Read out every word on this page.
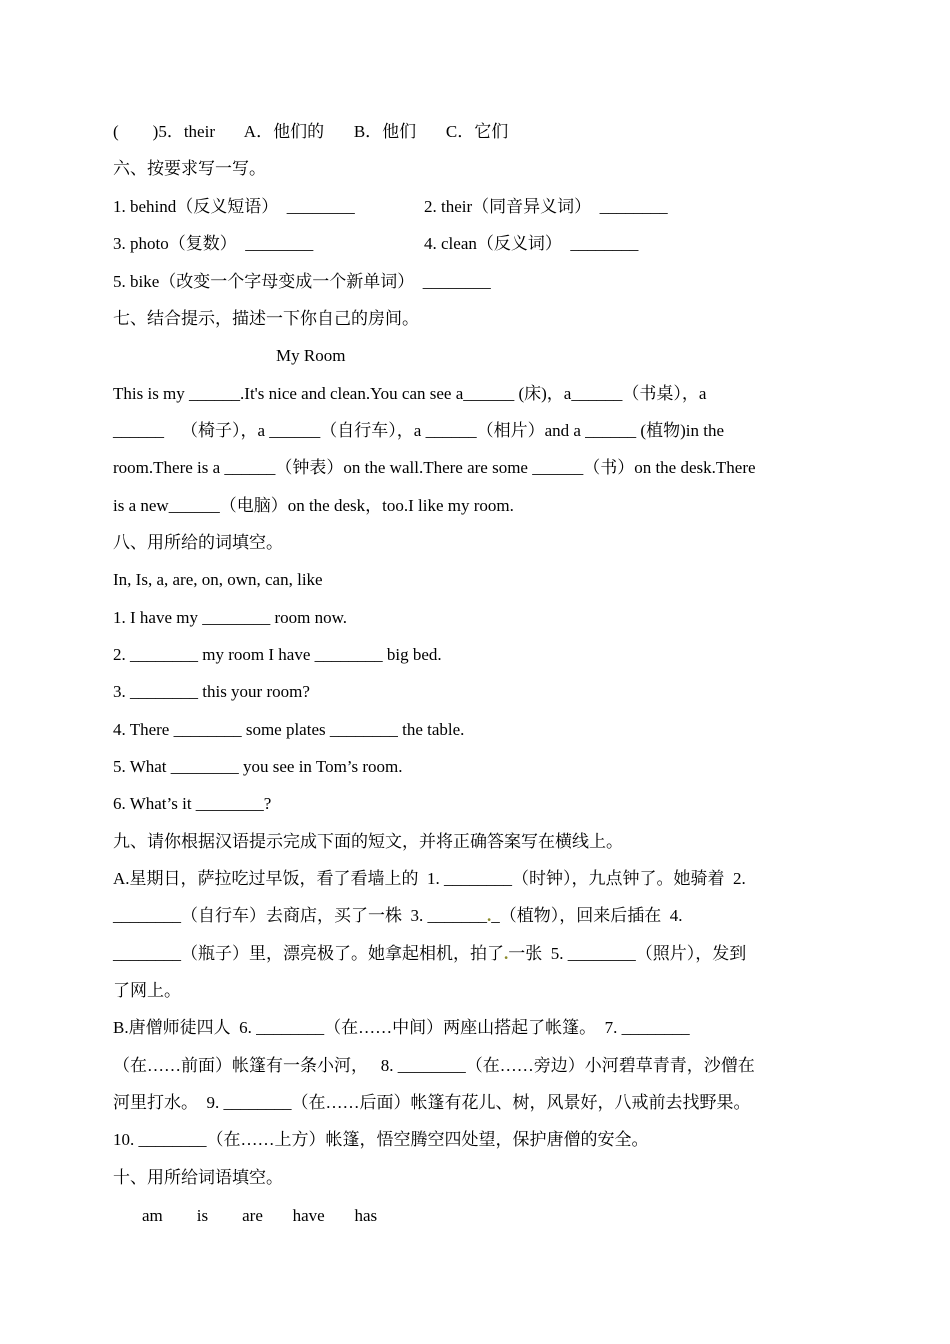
(        )5．their       A．他们的       B．他们       C．它们
六、按要求写一写。
1. behind（反义短语）  ________	2. their（同音异义词）  ________
3. photo（复数）  ________	4. clean（反义词）  ________
5. bike（改变一个字母变成一个新单词）  ________
七、结合提示，描述一下你自己的房间。
My Room
This is my ______.It's nice and clean.You can see a______ (床)，a______（书桌），a
______    （椅子），a ______（自行车），a ______（相片）and a ______ (植物)in the
room.There is a ______（钟表）on the wall.There are some ______（书）on the desk.There
is a new______（电脑）on the desk，too.I like my room.
八、用所给的词填空。
In, Is, a, are, on, own, can, like
1. I have my ________ room now.
2. ________ my room I have ________ big bed.
3. ________ this your room?
4. There ________ some plates ________ the table.
5. What ________ you see in Tom’s room.
6. What’s it ________?
九、请你根据汉语提示完成下面的短文，并将正确答案写在横线上。
A.星期日，萨拉吃过早饭，看了看墙上的  1. ________（时钟），九点钟了。她骑着  2.
________（自行车）去商店，买了一株  3. _______._（植物），回来后插在  4.
________（瓶子）里，漂亮极了。她拿起相机，拍了.一张  5. ________（照片），发到
了网上。
B.唐僧师徒四人  6. ________（在……中间）两座山搭起了帐篷。  7. ________
（在……前面）帐篷有一条小河，   8. ________（在……旁边）小河碧草青青，沙僧在
河里打水。  9. ________（在……后面）帐篷有花儿、树，风景好，八戒前去找野果。
10. ________（在……上方）帐篷，悟空腾空四处望，保护唐僧的安全。
十、用所给词语填空。
am        is        are       have       has
